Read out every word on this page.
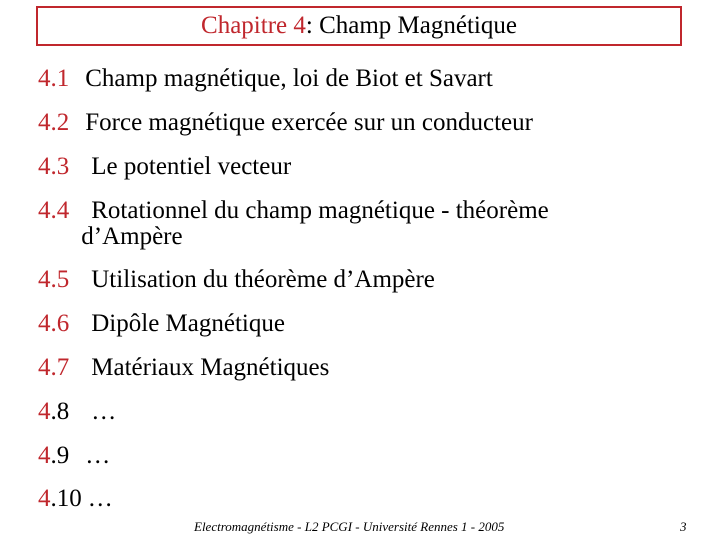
Chapitre 4 : Champ Magnétique
4.1 Champ magnétique, loi de Biot et Savart
4.2 Force magnétique exercée sur un conducteur
4.3 Le potentiel vecteur
4.4 Rotationnel du champ magnétique - théorème
d’Ampère
4.5 Utilisation du théorème d’Ampère
4.6 Dipôle Magnétique
4.7 Matériaux Magnétiques
4.8 …
4.9 …
4.10 …
Electromagnétisme - L2 PCGI - Université Rennes 1 - 2005	3
